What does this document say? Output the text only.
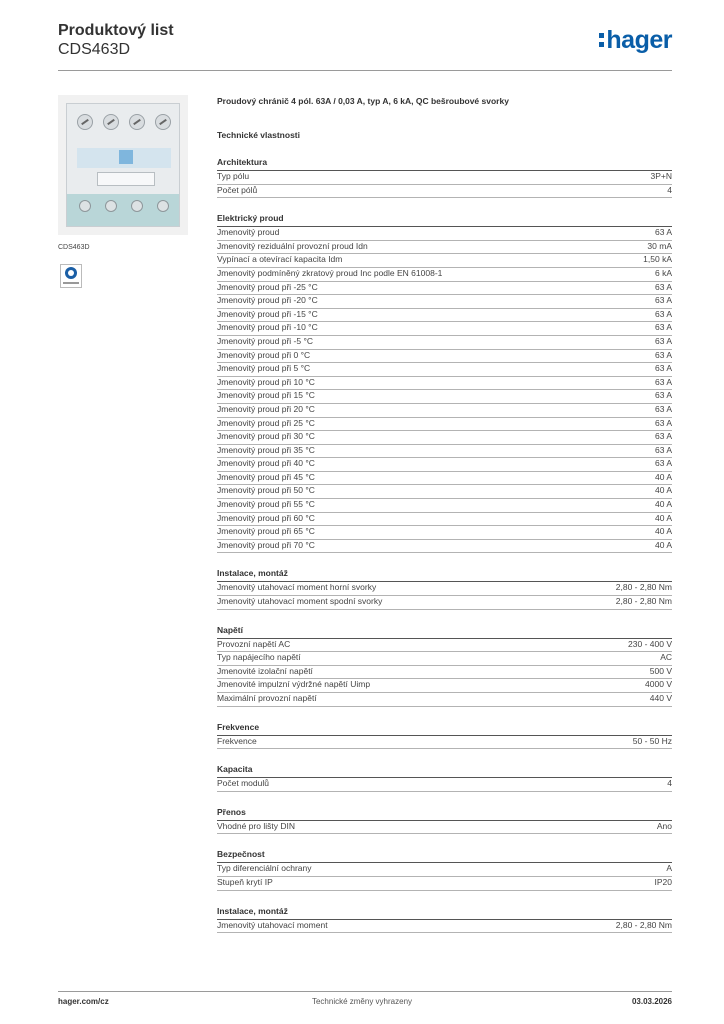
Produktový list
CDS463D	hager
CDS463D
Proudový chránič 4 pól. 63A / 0,03 A, typ A, 6 kA, QC bešroubové svorky
Technické vlastnosti
Architektura
Typ pólu	3P+N
Počet pólů	4
Elektrický proud
Jmenovitý proud	63 A
Jmenovitý reziduální provozní proud Idn	30 mA
Vypínací a otevírací kapacita Idm	1,50 kA
Jmenovitý podmíněný zkratový proud Inc podle EN 61008-1	6 kA
Jmenovitý proud při -25 °C	63 A
Jmenovitý proud při -20 °C	63 A
Jmenovitý proud při -15 °C	63 A
Jmenovitý proud při -10 °C	63 A
Jmenovitý proud při -5 °C	63 A
Jmenovitý proud při 0 °C	63 A
Jmenovitý proud při 5 °C	63 A
Jmenovitý proud při 10 °C	63 A
Jmenovitý proud při 15 °C	63 A
Jmenovitý proud při 20 °C	63 A
Jmenovitý proud při 25 °C	63 A
Jmenovitý proud při 30 °C	63 A
Jmenovitý proud při 35 °C	63 A
Jmenovitý proud při 40 °C	63 A
Jmenovitý proud při 45 °C	40 A
Jmenovitý proud při 50 °C	40 A
Jmenovitý proud při 55 °C	40 A
Jmenovitý proud při 60 °C	40 A
Jmenovitý proud při 65 °C	40 A
Jmenovitý proud při 70 °C	40 A
Instalace, montáž
Jmenovitý utahovací moment horní svorky	2,80 - 2,80 Nm
Jmenovitý utahovací moment spodní svorky	2,80 - 2,80 Nm
Napětí
Provozní napětí AC	230 - 400 V
Typ napájecího napětí	AC
Jmenovité izolační napětí	500 V
Jmenovité impulzní výdržné napětí Uimp	4000 V
Maximální provozní napětí	440 V
Frekvence
Frekvence	50 - 50 Hz
Kapacita
Počet modulů	4
Přenos
Vhodné pro lišty DIN	Ano
Bezpečnost
Typ diferenciální ochrany	A
Stupeň krytí IP	IP20
Instalace, montáž
Jmenovitý utahovací moment	2,80 - 2,80 Nm
hager.com/cz	Technické změny vyhrazeny	03.03.2026
